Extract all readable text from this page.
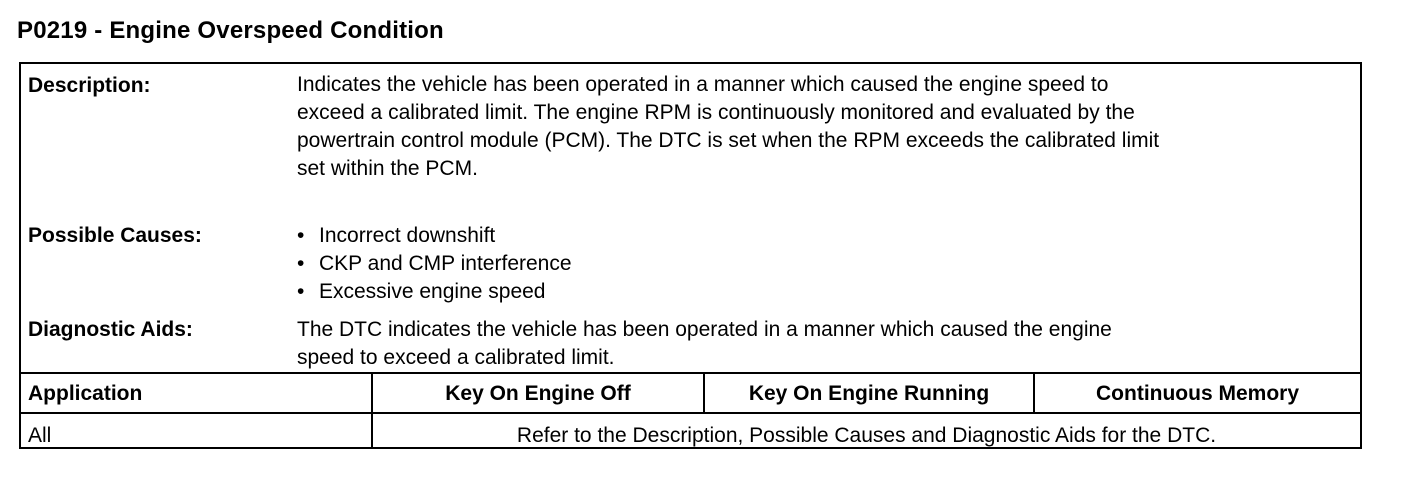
P0219 - Engine Overspeed Condition
Description:	Indicates the vehicle has been operated in a manner which caused the engine speed to
exceed a calibrated limit. The engine RPM is continuously monitored and evaluated by the
powertrain control module (PCM). The DTC is set when the RPM exceeds the calibrated limit
set within the PCM.
Possible Causes:
•	Incorrect downshift
• CKP and CMP interference
• Excessive engine speed
Diagnostic Aids:	The DTC indicates the vehicle has been operated in a manner which caused the engine
speed to exceed a calibrated limit.
Application	Key On Engine Off	Key On Engine Running	Continuous Memory
All	Refer to the Description, Possible Causes and Diagnostic Aids for the DTC.
